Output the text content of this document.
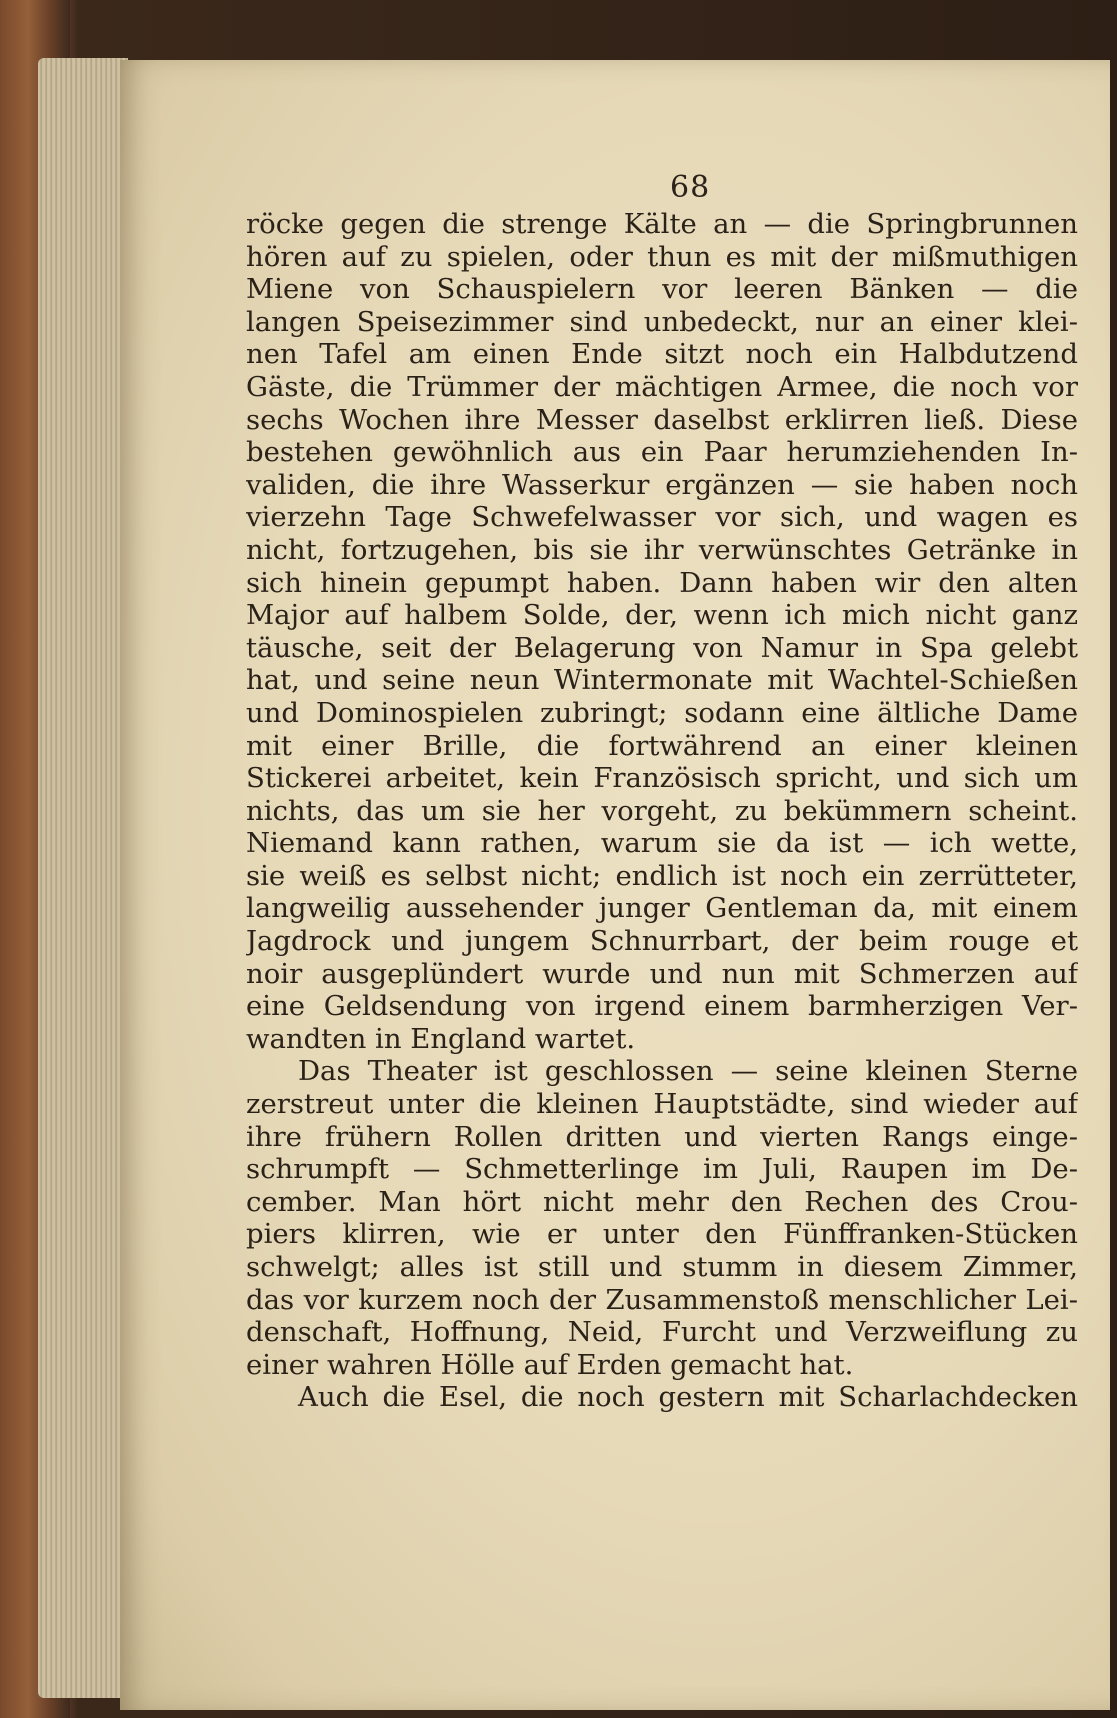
68
röcke gegen die strenge Kälte an — die Springbrunnen
hören auf zu spielen, oder thun es mit der mißmuthigen
Miene von Schauspielern vor leeren Bänken — die
langen Speisezimmer sind unbedeckt, nur an einer klei-
nen Tafel am einen Ende sitzt noch ein Halbdutzend
Gäste, die Trümmer der mächtigen Armee, die noch vor
sechs Wochen ihre Messer daselbst erklirren ließ. Diese
bestehen gewöhnlich aus ein Paar herumziehenden In-
validen, die ihre Wasserkur ergänzen — sie haben noch
vierzehn Tage Schwefelwasser vor sich, und wagen es
nicht, fortzugehen, bis sie ihr verwünschtes Getränke in
sich hinein gepumpt haben. Dann haben wir den alten
Major auf halbem Solde, der, wenn ich mich nicht ganz
täusche, seit der Belagerung von Namur in Spa gelebt
hat, und seine neun Wintermonate mit Wachtel-Schießen
und Dominospielen zubringt; sodann eine ältliche Dame
mit einer Brille, die fortwährend an einer kleinen
Stickerei arbeitet, kein Französisch spricht, und sich um
nichts, das um sie her vorgeht, zu bekümmern scheint.
Niemand kann rathen, warum sie da ist — ich wette,
sie weiß es selbst nicht; endlich ist noch ein zerrütteter,
langweilig aussehender junger Gentleman da, mit einem
Jagdrock und jungem Schnurrbart, der beim rouge et
noir ausgeplündert wurde und nun mit Schmerzen auf
eine Geldsendung von irgend einem barmherzigen Ver-
wandten in England wartet.
Das Theater ist geschlossen — seine kleinen Sterne
zerstreut unter die kleinen Hauptstädte, sind wieder auf
ihre frühern Rollen dritten und vierten Rangs einge-
schrumpft — Schmetterlinge im Juli, Raupen im De-
cember. Man hört nicht mehr den Rechen des Crou-
piers klirren, wie er unter den Fünffranken-Stücken
schwelgt; alles ist still und stumm in diesem Zimmer,
das vor kurzem noch der Zusammenstoß menschlicher Lei-
denschaft, Hoffnung, Neid, Furcht und Verzweiflung zu
einer wahren Hölle auf Erden gemacht hat.
Auch die Esel, die noch gestern mit Scharlachdecken
